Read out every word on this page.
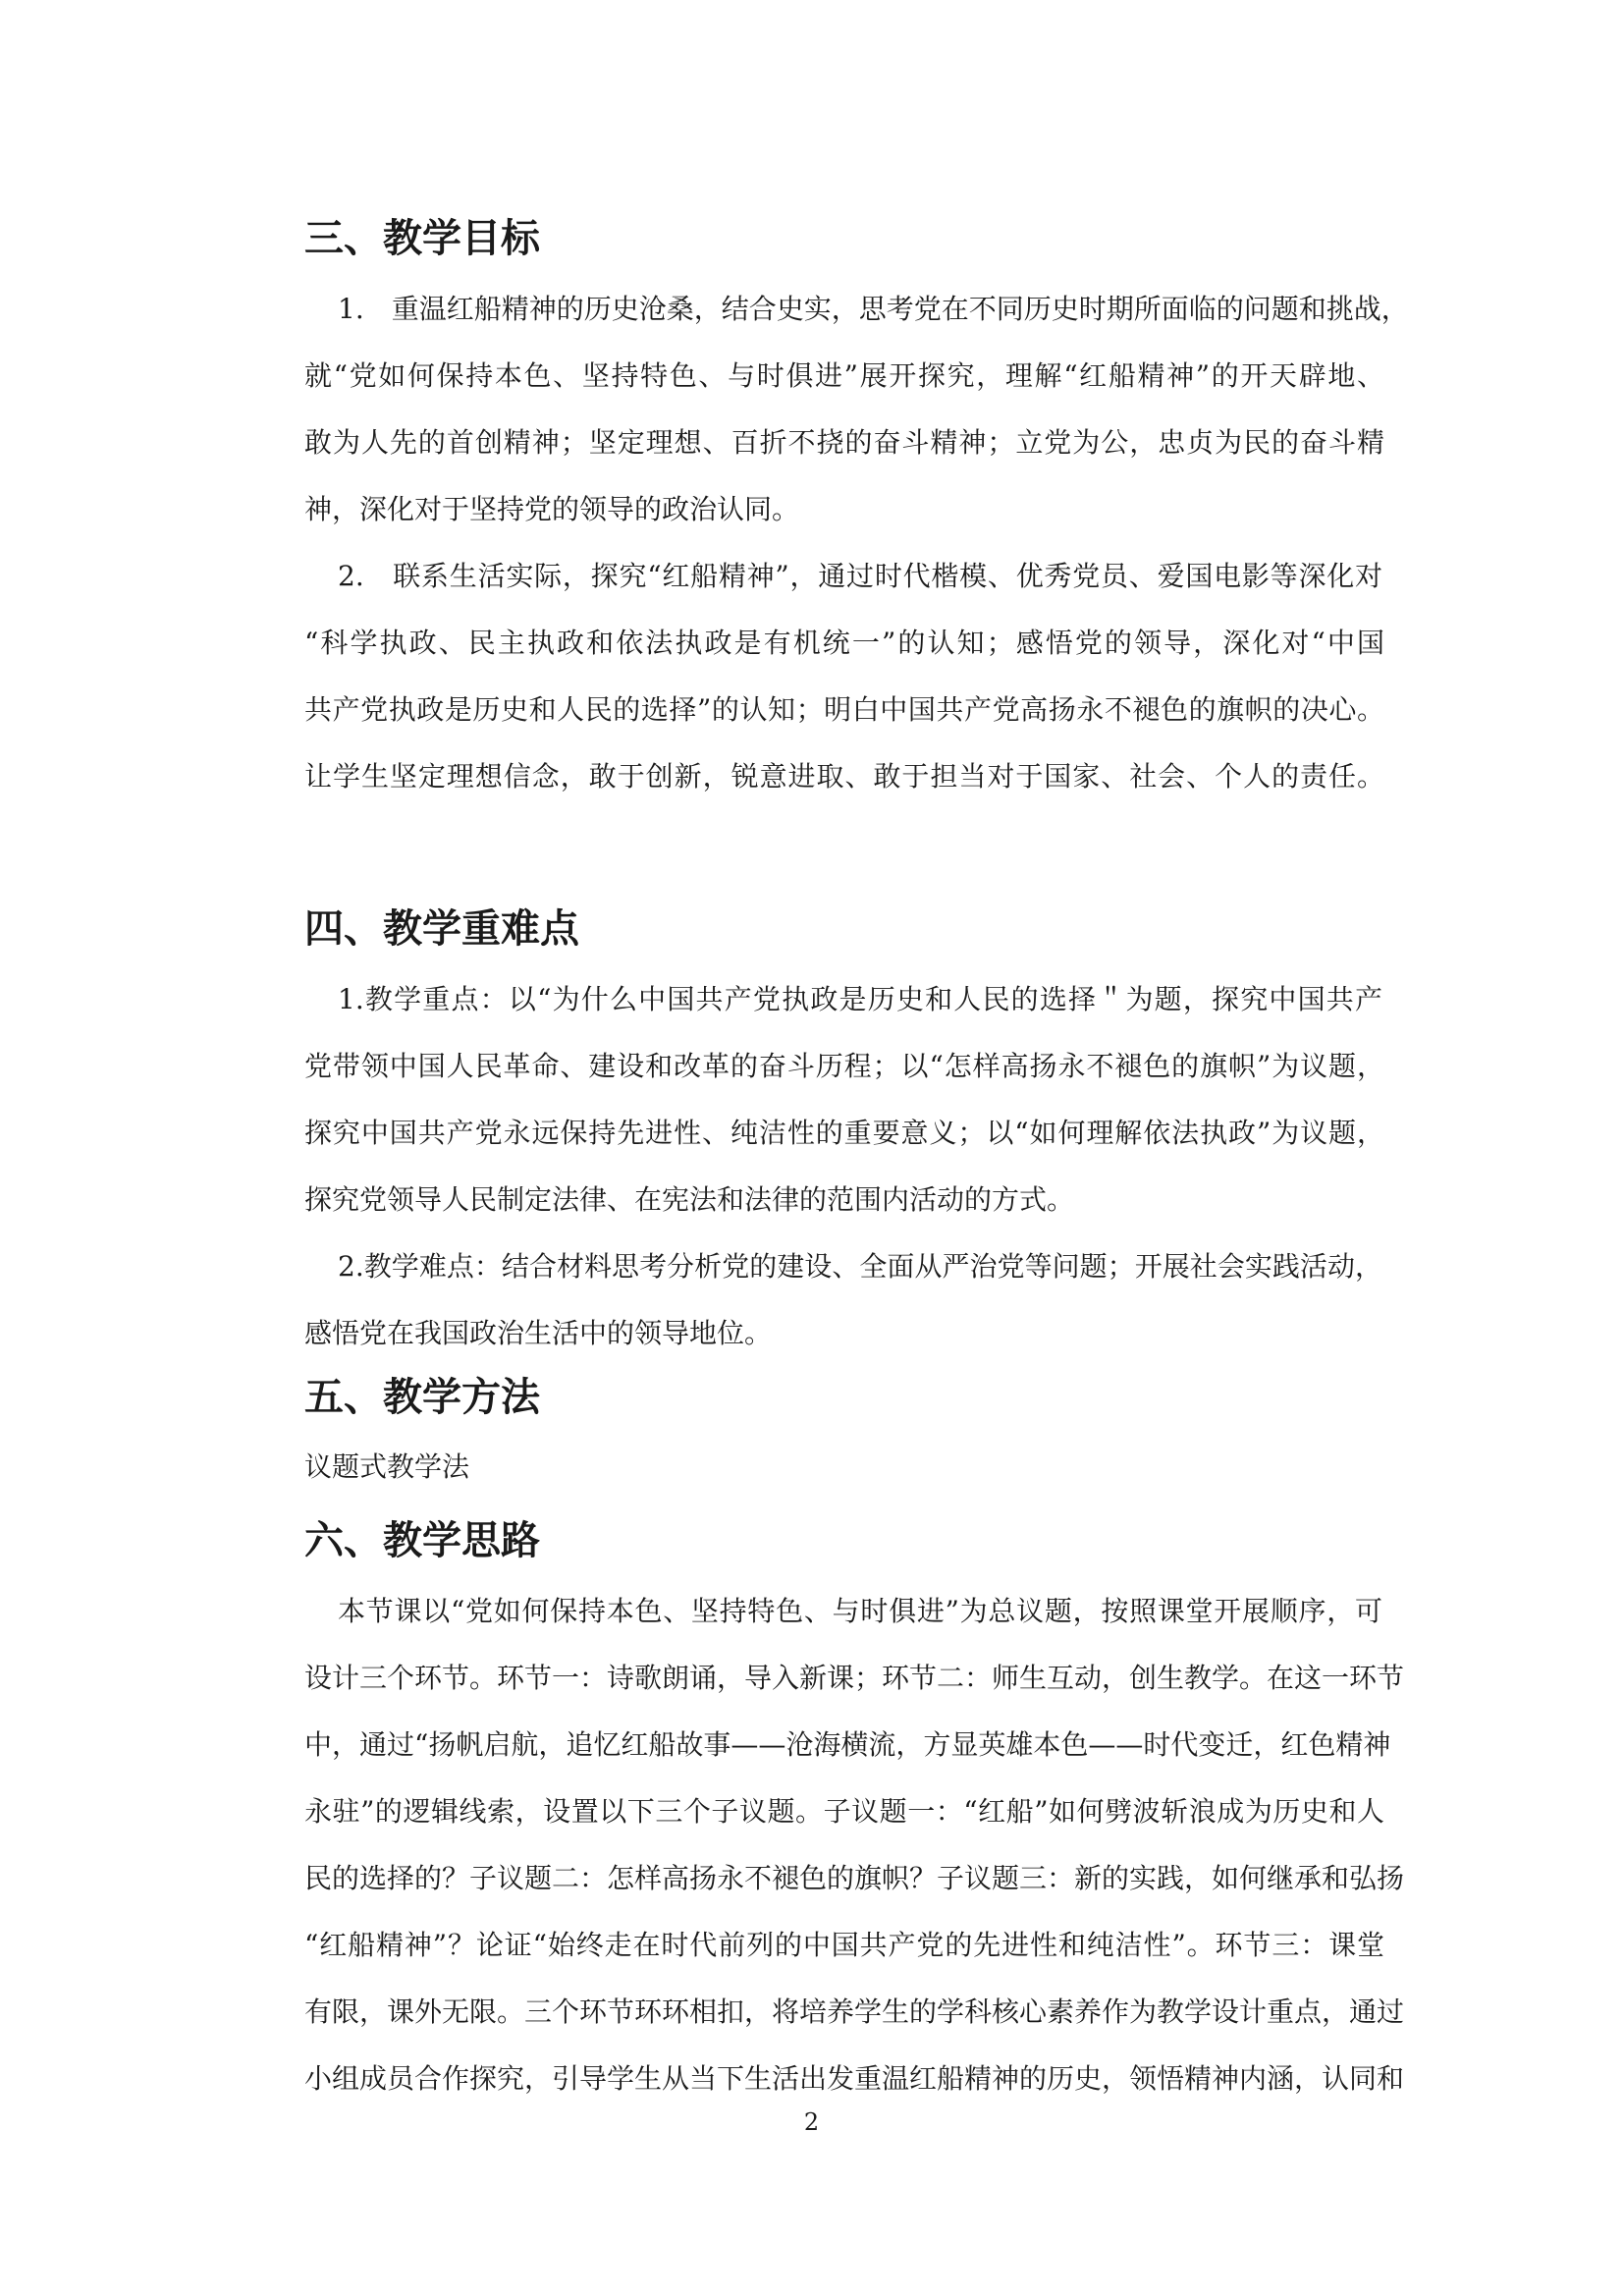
三、教学目标

1.　重温红船精神的历史沧桑，结合史实，思考党在不同历史时期所面临的问题和挑战，

就“党如何保持本色、坚持特色、与时俱进”展开探究，理解“红船精神”的开天辟地、

敢为人先的首创精神；坚定理想、百折不挠的奋斗精神；立党为公，忠贞为民的奋斗精

神，深化对于坚持党的领导的政治认同。

2.　联系生活实际，探究“红船精神”，通过时代楷模、优秀党员、爱国电影等深化对

“科学执政、民主执政和依法执政是有机统一”的认知；感悟党的领导，深化对“中国

共产党执政是历史和人民的选择”的认知；明白中国共产党高扬永不褪色的旗帜的决心。

让学生坚定理想信念，敢于创新，锐意进取、敢于担当对于国家、社会、个人的责任。

四、教学重难点

1.教学重点：以“为什么中国共产党执政是历史和人民的选择＂为题，探究中国共产

党带领中国人民革命、建设和改革的奋斗历程；以“怎样高扬永不褪色的旗帜”为议题，

探究中国共产党永远保持先进性、纯洁性的重要意义；以“如何理解依法执政”为议题，

探究党领导人民制定法律、在宪法和法律的范围内活动的方式。

2.教学难点：结合材料思考分析党的建设、全面从严治党等问题；开展社会实践活动，

感悟党在我国政治生活中的领导地位。

五、教学方法

议题式教学法

六、教学思路

本节课以“党如何保持本色、坚持特色、与时俱进”为总议题，按照课堂开展顺序，可

设计三个环节。环节一：诗歌朗诵，导入新课；环节二：师生互动，创生教学。在这一环节

中，通过“扬帆启航，追忆红船故事——沧海横流，方显英雄本色——时代变迁，红色精神

永驻”的逻辑线索，设置以下三个子议题。子议题一：“红船”如何劈波斩浪成为历史和人

民的选择的？子议题二：怎样高扬永不褪色的旗帜？子议题三：新的实践，如何继承和弘扬

“红船精神”？论证“始终走在时代前列的中国共产党的先进性和纯洁性”。环节三：课堂

有限，课外无限。三个环节环环相扣，将培养学生的学科核心素养作为教学设计重点，通过

小组成员合作探究，引导学生从当下生活出发重温红船精神的历史，领悟精神内涵，认同和

2
